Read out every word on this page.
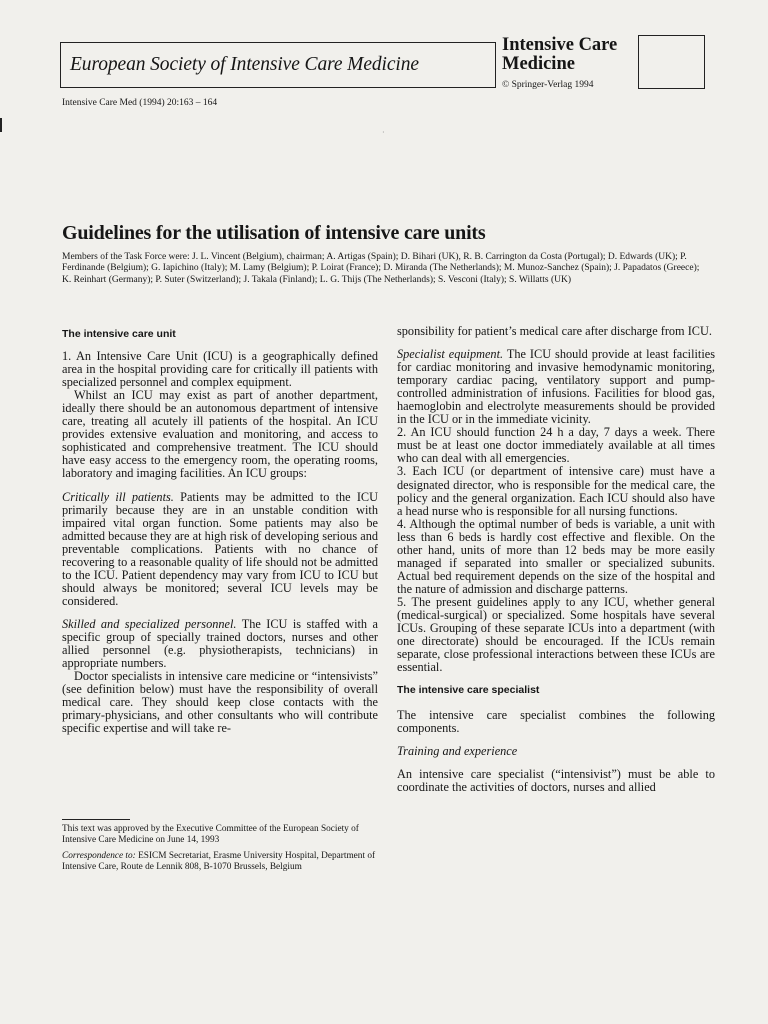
European Society of Intensive Care Medicine
Intensive Care
Medicine
© Springer-Verlag 1994
Intensive Care Med (1994) 20:163 – 164
·
Guidelines for the utilisation of intensive care units
Members of the Task Force were: J. L. Vincent (Belgium), chairman; A. Artigas (Spain); D. Bihari (UK), R. B. Carrington da Costa (Portugal); D. Edwards (UK); P. Ferdinande (Belgium); G. Iapichino (Italy); M. Lamy (Belgium); P. Loirat (France); D. Miranda (The Netherlands); M. Munoz-Sanchez (Spain); J. Papadatos (Greece); K. Reinhart (Germany); P. Suter (Switzerland); J. Takala (Finland); L. G. Thijs (The Netherlands); S. Vesconi (Italy); S. Willatts (UK)
The intensive care unit

1. An Intensive Care Unit (ICU) is a geographically defined area in the hospital providing care for critically ill patients with specialized personnel and complex equipment.

Whilst an ICU may exist as part of another department, ideally there should be an autonomous department of intensive care, treating all acutely ill patients of the hospital. An ICU provides extensive evaluation and monitoring, and access to sophisticated and comprehensive treatment. The ICU should have easy access to the emergency room, the operating rooms, laboratory and imaging facilities. An ICU groups:

Critically ill patients. Patients may be admitted to the ICU primarily because they are in an unstable condition with impaired vital organ function. Some patients may also be admitted because they are at high risk of developing serious and preventable complications. Patients with no chance of recovering to a reasonable quality of life should not be admitted to the ICU. Patient dependency may vary from ICU to ICU but should always be monitored; several ICU levels may be considered.

Skilled and specialized personnel. The ICU is staffed with a specific group of specially trained doctors, nurses and other allied personnel (e.g. physiotherapists, technicians) in appropriate numbers.

Doctor specialists in intensive care medicine or “intensivists” (see definition below) must have the responsibility of overall medical care. They should keep close contacts with the primary-physicians, and other consultants who will contribute specific expertise and will take re-

This text was approved by the Executive Committee of the European Society of Intensive Care Medicine on June 14, 1993

Correspondence to: ESICM Secretariat, Erasme University Hospital, Department of Intensive Care, Route de Lennik 808, B-1070 Brussels, Belgium

sponsibility for patient’s medical care after discharge from ICU.

Specialist equipment. The ICU should provide at least facilities for cardiac monitoring and invasive hemodynamic monitoring, temporary cardiac pacing, ventilatory support and pump-controlled administration of infusions. Facilities for blood gas, haemoglobin and electrolyte measurements should be provided in the ICU or in the immediate vicinity.

2. An ICU should function 24 h a day, 7 days a week. There must be at least one doctor immediately available at all times who can deal with all emergencies.

3. Each ICU (or department of intensive care) must have a designated director, who is responsible for the medical care, the policy and the general organization. Each ICU should also have a head nurse who is responsible for all nursing functions.

4. Although the optimal number of beds is variable, a unit with less than 6 beds is hardly cost effective and flexible. On the other hand, units of more than 12 beds may be more easily managed if separated into smaller or specialized subunits. Actual bed requirement depends on the size of the hospital and the nature of admission and discharge patterns.

5. The present guidelines apply to any ICU, whether general (medical-surgical) or specialized. Some hospitals have several ICUs. Grouping of these separate ICUs into a department (with one directorate) should be encouraged. If the ICUs remain separate, close professional interactions between these ICUs are essential.

The intensive care specialist

The intensive care specialist combines the following components.

Training and experience

An intensive care specialist (“intensivist”) must be able to coordinate the activities of doctors, nurses and allied
